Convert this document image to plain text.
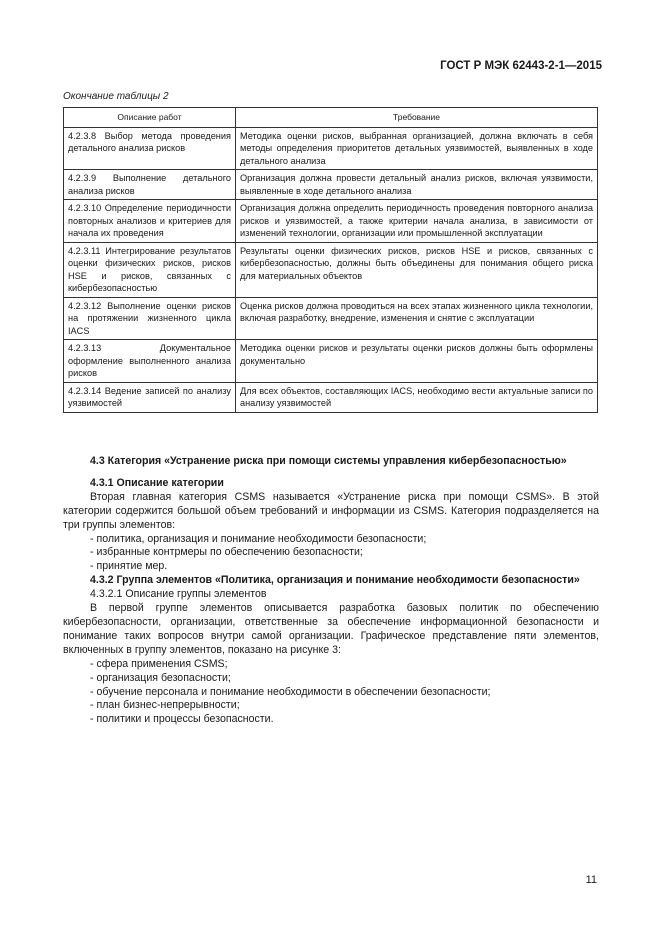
ГОСТ Р МЭК 62443-2-1—2015
Окончание таблицы 2
Описание работ	Требование
4.2.3.8 Выбор метода проведения детального анализа рисков	Методика оценки рисков, выбранная организацией, должна включать в себя методы определения приоритетов детальных уязвимостей, выявленных в ходе детального анализа
4.2.3.9 Выполнение детального анализа рисков	Организация должна провести детальный анализ рисков, включая уязвимости, выявленные в ходе детального анализа
4.2.3.10 Определение периодичности повторных анализов и критериев для начала их проведения	Организация должна определить периодичность проведения повторного анализа рисков и уязвимостей, а также критерии начала анализа, в зависимости от изменений технологии, организации или промышленной эксплуатации
4.2.3.11 Интегрирование результатов оценки физических рисков, рисков HSE и рисков, связанных с кибербезопасностью	Результаты оценки физических рисков, рисков HSE и рисков, связанных с кибербезопасностью, должны быть объединены для понимания общего риска для материальных объектов
4.2.3.12 Выполнение оценки рисков на протяжении жизненного цикла IACS	Оценка рисков должна проводиться на всех этапах жизненного цикла технологии, включая разработку, внедрение, изменения и снятие с эксплуатации
4.2.3.13 Документальное оформление выполненного анализа рисков	Методика оценки рисков и результаты оценки рисков должны быть оформлены документально
4.2.3.14 Ведение записей по анализу уязвимостей	Для всех объектов, составляющих IACS, необходимо вести актуальные записи по анализу уязвимостей

4.3 Категория «Устранение риска при помощи системы управления кибербезопасностью»

4.3.1 Описание категории

Вторая главная категория CSMS называется «Устранение риска при помощи CSMS». В этой категории содержится большой объем требований и информации из CSMS. Категория подразделяется на три группы элементов:

- политика, организация и понимание необходимости безопасности;

- избранные контрмеры по обеспечению безопасности;

- принятие мер.

4.3.2 Группа элементов «Политика, организация и понимание необходимости безопасности»

4.3.2.1 Описание группы элементов

В первой группе элементов описывается разработка базовых политик по обеспечению кибербезопасности, организации, ответственные за обеспечение информационной безопасности и понимание таких вопросов внутри самой организации. Графическое представление пяти элементов, включенных в группу элементов, показано на рисунке 3:

- сфера применения CSMS;

- организация безопасности;

- обучение персонала и понимание необходимости в обеспечении безопасности;

- план бизнес-непрерывности;

- политики и процессы безопасности.

11
